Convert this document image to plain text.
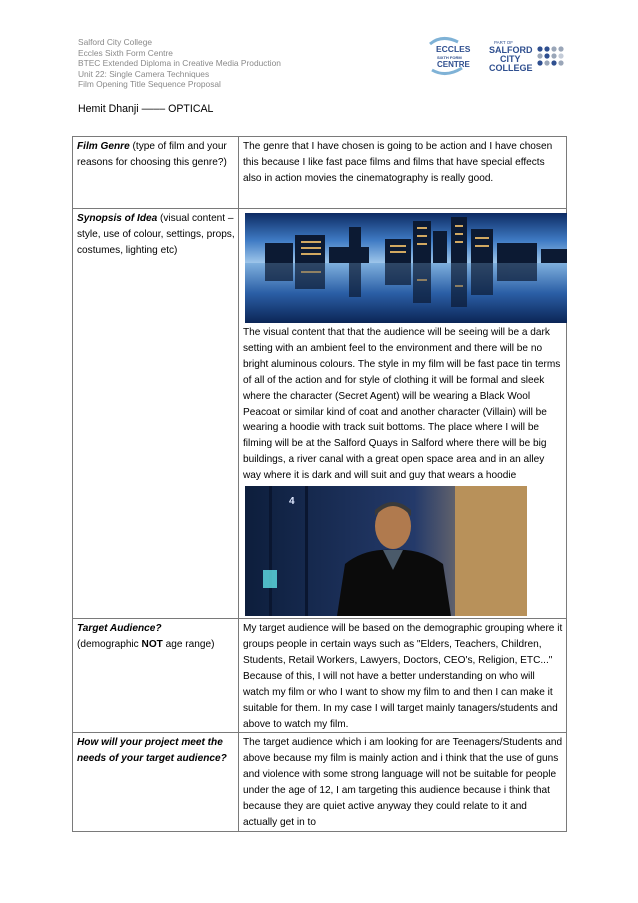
Salford City College
Eccles Sixth Form Centre
BTEC Extended Diploma in Creative Media Production
Unit 22: Single Camera Techniques
Film Opening Title Sequence Proposal
ECCLES
SIXTH FORM
CENTRE
PART OF
SALFORD
CITY
COLLEGE
Hemit Dhanji –––– OPTICAL
Film Genre (type of film and your reasons for choosing this genre?)	The genre that I have chosen is going to be action and I have chosen this because I like fast pace films and films that have special effects also in action movies the cinematography is really good.
Synopsis of Idea (visual content – style, use of colour, settings, props, costumes, lighting etc)	The visual content that that the audience will be seeing will be a dark setting with an ambient feel to the environment and there will be no bright aluminous colours. The style in my film will be fast pace tin terms of all of the action and for style of clothing it will be formal and sleek where the character (Secret Agent) will be wearing a Black Wool Peacoat or similar kind of coat and another character (Villain) will be wearing a hoodie with track suit bottoms. The place where I will be filming will be at the Salford Quays in Salford where there will be big buildings, a river canal with a great open space area and in an alley way where it is dark and will suit and guy that wears a hoodie
4

Target Audience?
(demographic NOT age range)	My target audience will be based on the demographic grouping where it groups people in certain ways such as "Elders, Teachers, Children, Students, Retail Workers, Lawyers, Doctors, CEO's, Religion, ETC..." Because of this, I will not have a better understanding on who will watch my film or who I want to show my film to and then I can make it suitable for them. In my case I will target mainly tanagers/students and above to watch my film.
How will your project meet the needs of your target audience?	The target audience which i am looking for are Teenagers/Students and above because my film is mainly action and i think that the use of guns and violence with some strong language will not be suitable for people under the age of 12, I am targeting this audience because i think that because they are quiet active anyway they could relate to it and actually get in to
